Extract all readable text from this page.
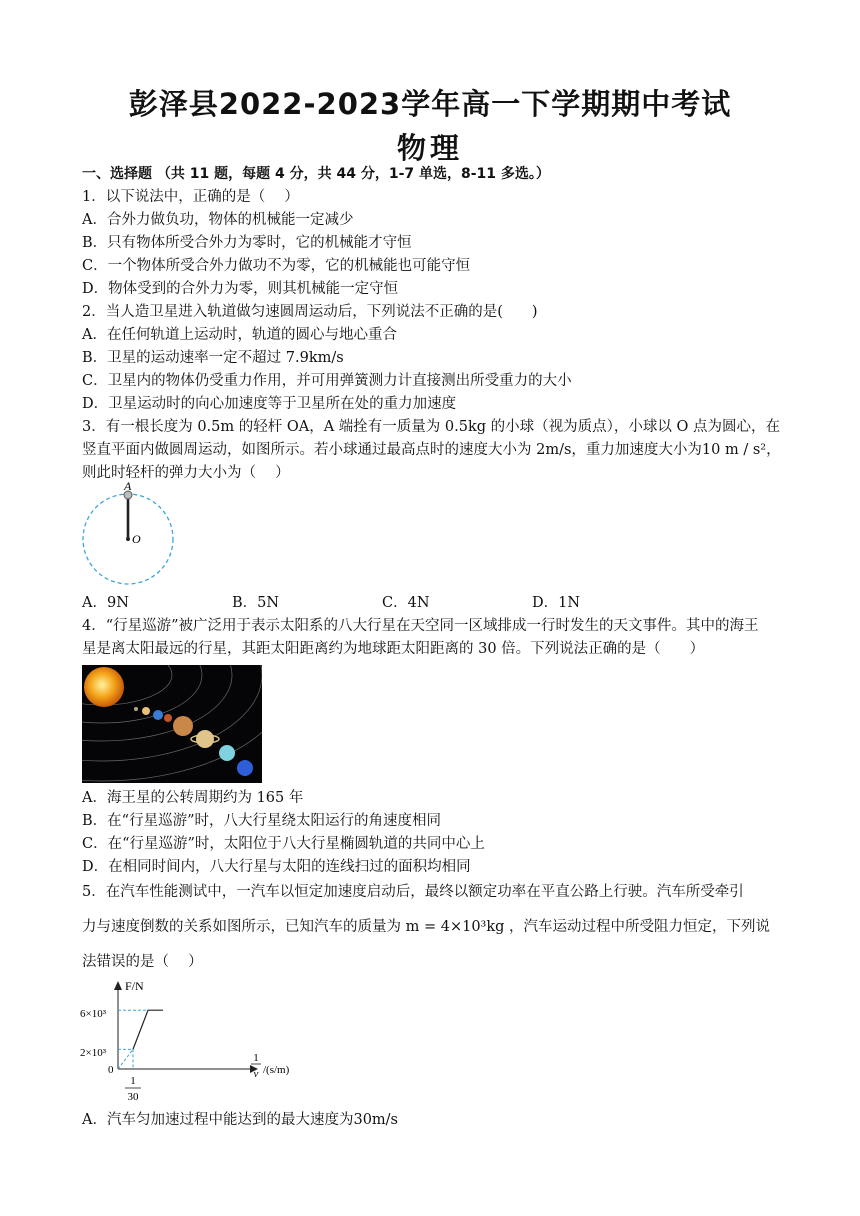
彭泽县2022-2023学年高一下学期期中考试
物理
一、选择题 （共 11 题，每题 4 分，共 44 分，1-7 单选，8-11 多选。）
1．以下说法中，正确的是（　 ）
A．合外力做负功，物体的机械能一定减少
B．只有物体所受合外力为零时，它的机械能才守恒
C．一个物体所受合外力做功不为零，它的机械能也可能守恒
D．物体受到的合外力为零，则其机械能一定守恒
2．当人造卫星进入轨道做匀速圆周运动后，下列说法不正确的是(　　)
A．在任何轨道上运动时，轨道的圆心与地心重合
B．卫星的运动速率一定不超过 7.9km/s
C．卫星内的物体仍受重力作用，并可用弹簧测力计直接测出所受重力的大小
D．卫星运动时的向心加速度等于卫星所在处的重力加速度
3．有一根长度为 0.5m 的轻杆 OA，A 端拴有一质量为 0.5kg 的小球（视为质点），小球以 O 点为圆心，在
竖直平面内做圆周运动，如图所示。若小球通过最高点时的速度大小为 2m/s，重力加速度大小为10 m / s²，
则此时轻杆的弹力大小为（　 ）
A
O
A．9N	B．5N	C．4N	D．1N
4．“行星巡游”被广泛用于表示太阳系的八大行星在天空同一区域排成一行时发生的天文事件。其中的海王
星是离太阳最远的行星，其距太阳距离约为地球距太阳距离的 30 倍。下列说法正确的是（　　）
A．海王星的公转周期约为 165 年
B．在“行星巡游”时，八大行星绕太阳运行的角速度相同
C．在“行星巡游”时，太阳位于八大行星椭圆轨道的共同中心上
D．在相同时间内，八大行星与太阳的连线扫过的面积均相同
5．在汽车性能测试中，一汽车以恒定加速度启动后，最终以额定功率在平直公路上行驶。汽车所受牵引
力与速度倒数的关系如图所示，已知汽车的质量为 m = 4×10³kg ，汽车运动过程中所受阻力恒定，下列说
法错误的是（　 ）
F/N
6×10³
2×10³
0
1
30
1
v /(s/m)
A．汽车匀加速过程中能达到的最大速度为30m/s
